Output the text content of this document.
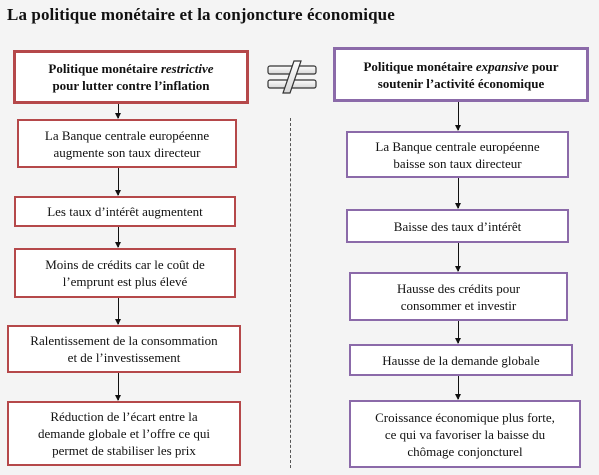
La politique monétaire et la conjoncture économique
Politique monétaire restrictive
pour lutter contre l’inflation
La Banque centrale européenne
augmente son taux directeur
Les taux d’intérêt augmentent
Moins de crédits car le coût de
l’emprunt est plus élevé
Ralentissement de la consommation
et de l’investissement
Réduction de l’écart entre la
demande globale et l’offre ce qui
permet de stabiliser les prix
Politique monétaire expansive pour
soutenir l’activité économique
La Banque centrale européenne
baisse son taux directeur
Baisse des taux d’intérêt
Hausse des crédits pour
consommer et investir
Hausse de la demande globale
Croissance économique plus forte,
ce qui va favoriser la baisse du
chômage conjoncturel
